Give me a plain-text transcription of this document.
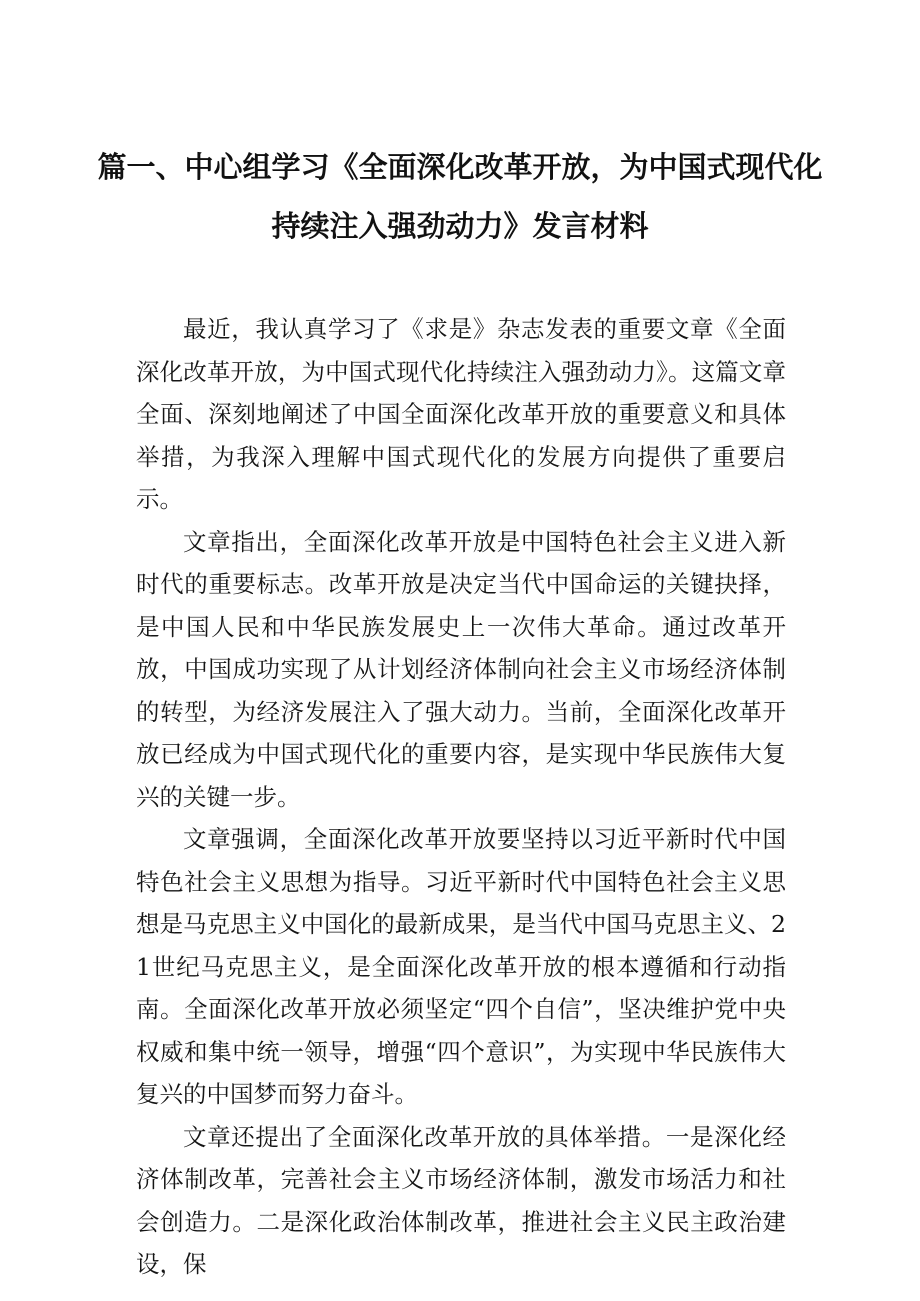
篇一、中心组学习《全面深化改革开放，为中国式现代化
持续注入强劲动力》发言材料

最近，我认真学习了《求是》杂志发表的重要文章《全面深化改革开放，为中国式现代化持续注入强劲动力》。这篇文章全面、深刻地阐述了中国全面深化改革开放的重要意义和具体举措，为我深入理解中国式现代化的发展方向提供了重要启示。

文章指出，全面深化改革开放是中国特色社会主义进入新时代的重要标志。改革开放是决定当代中国命运的关键抉择，是中国人民和中华民族发展史上一次伟大革命。通过改革开放，中国成功实现了从计划经济体制向社会主义市场经济体制的转型，为经济发展注入了强大动力。当前，全面深化改革开放已经成为中国式现代化的重要内容，是实现中华民族伟大复兴的关键一步。

文章强调，全面深化改革开放要坚持以习近平新时代中国特色社会主义思想为指导。习近平新时代中国特色社会主义思想是马克思主义中国化的最新成果，是当代中国马克思主义、21世纪马克思主义，是全面深化改革开放的根本遵循和行动指南。全面深化改革开放必须坚定“四个自信”，坚决维护党中央权威和集中统一领导，增强“四个意识”，为实现中华民族伟大复兴的中国梦而努力奋斗。

文章还提出了全面深化改革开放的具体举措。一是深化经济体制改革，完善社会主义市场经济体制，激发市场活力和社会创造力。二是深化政治体制改革，推进社会主义民主政治建设，保
